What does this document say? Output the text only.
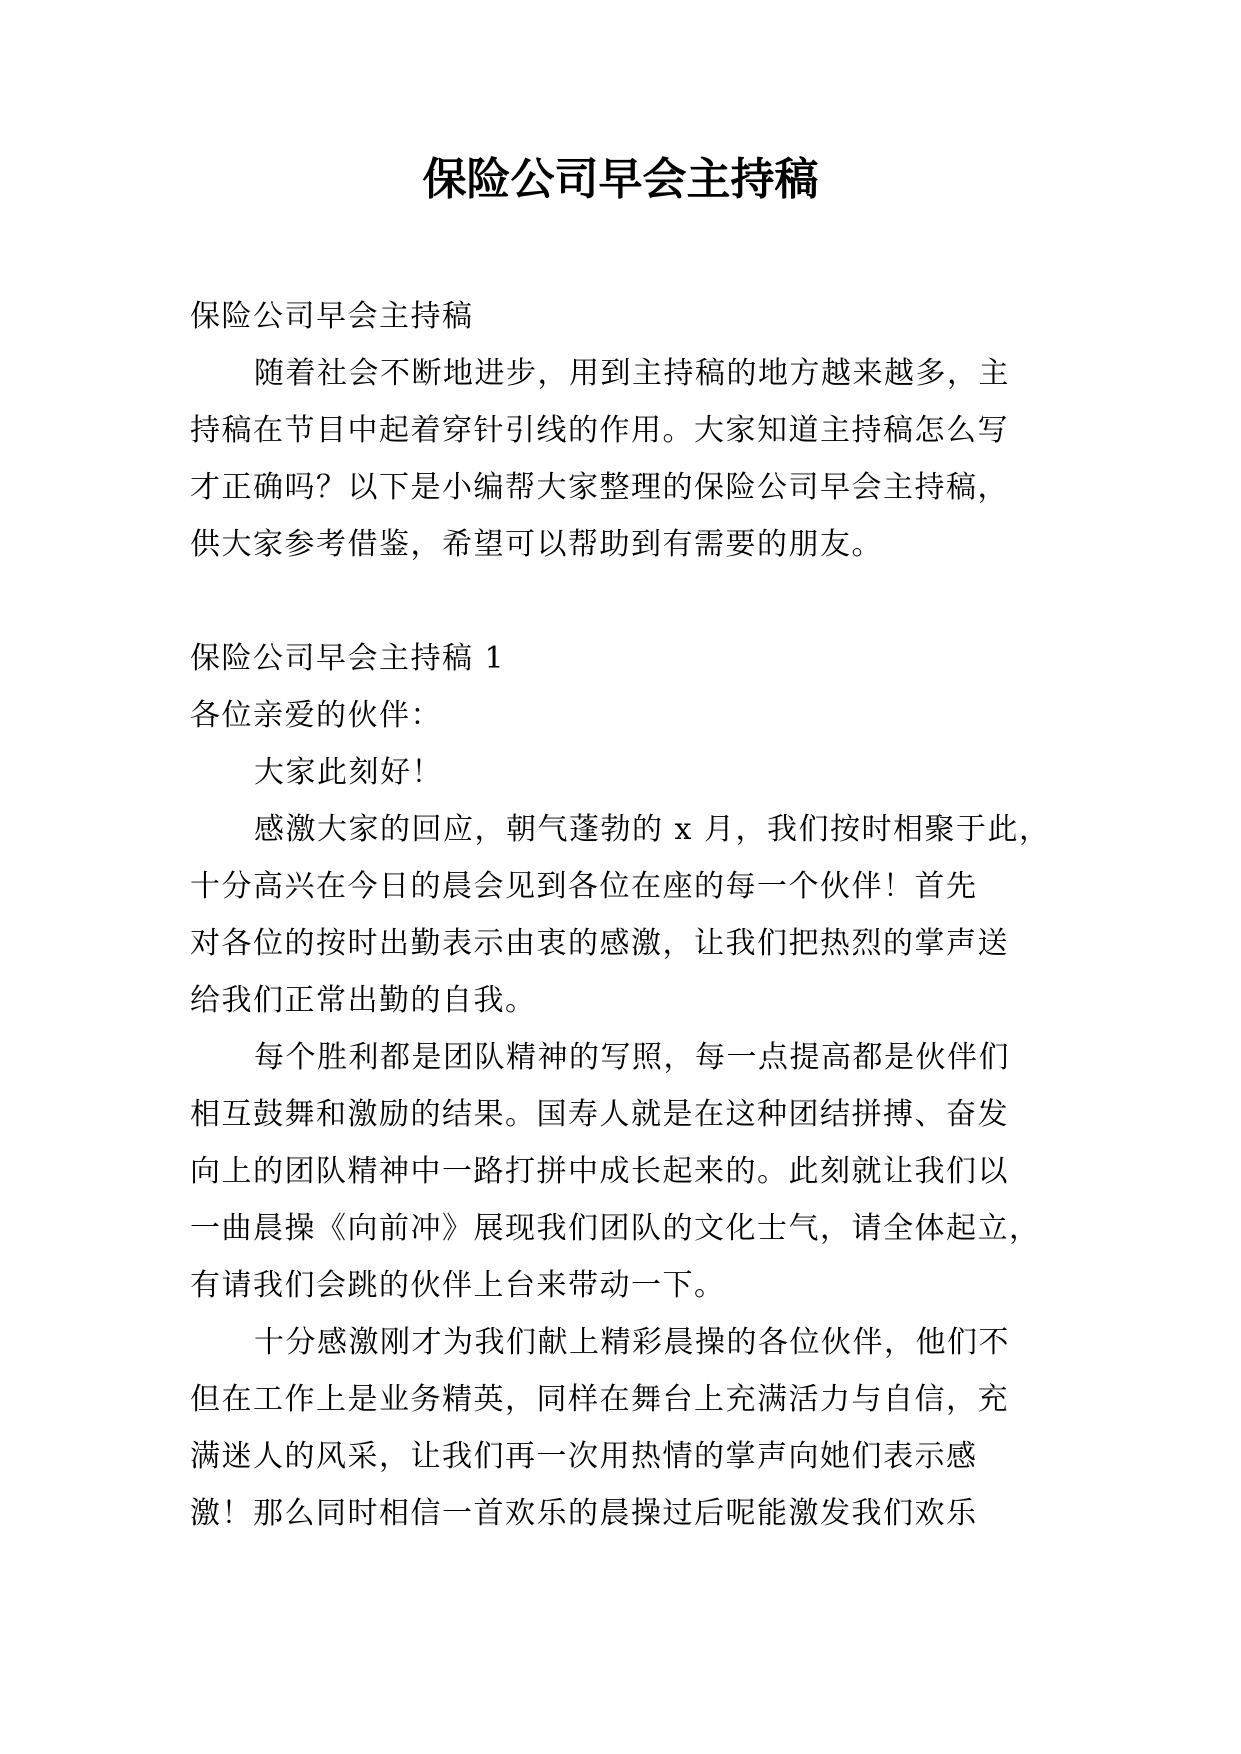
保险公司早会主持稿

保险公司早会主持稿

随着社会不断地进步，用到主持稿的地方越来越多，主

持稿在节目中起着穿针引线的作用。大家知道主持稿怎么写

才正确吗？以下是小编帮大家整理的保险公司早会主持稿，

供大家参考借鉴，希望可以帮助到有需要的朋友。

保险公司早会主持稿 1

各位亲爱的伙伴：

大家此刻好！

感激大家的回应，朝气蓬勃的 x 月，我们按时相聚于此，

十分高兴在今日的晨会见到各位在座的每一个伙伴！首先

对各位的按时出勤表示由衷的感激，让我们把热烈的掌声送

给我们正常出勤的自我。

每个胜利都是团队精神的写照，每一点提高都是伙伴们

相互鼓舞和激励的结果。国寿人就是在这种团结拼搏、奋发

向上的团队精神中一路打拼中成长起来的。此刻就让我们以

一曲晨操《向前冲》展现我们团队的文化士气，请全体起立，

有请我们会跳的伙伴上台来带动一下。

十分感激刚才为我们献上精彩晨操的各位伙伴，他们不

但在工作上是业务精英，同样在舞台上充满活力与自信，充

满迷人的风采，让我们再一次用热情的掌声向她们表示感

激！那么同时相信一首欢乐的晨操过后呢能激发我们欢乐
